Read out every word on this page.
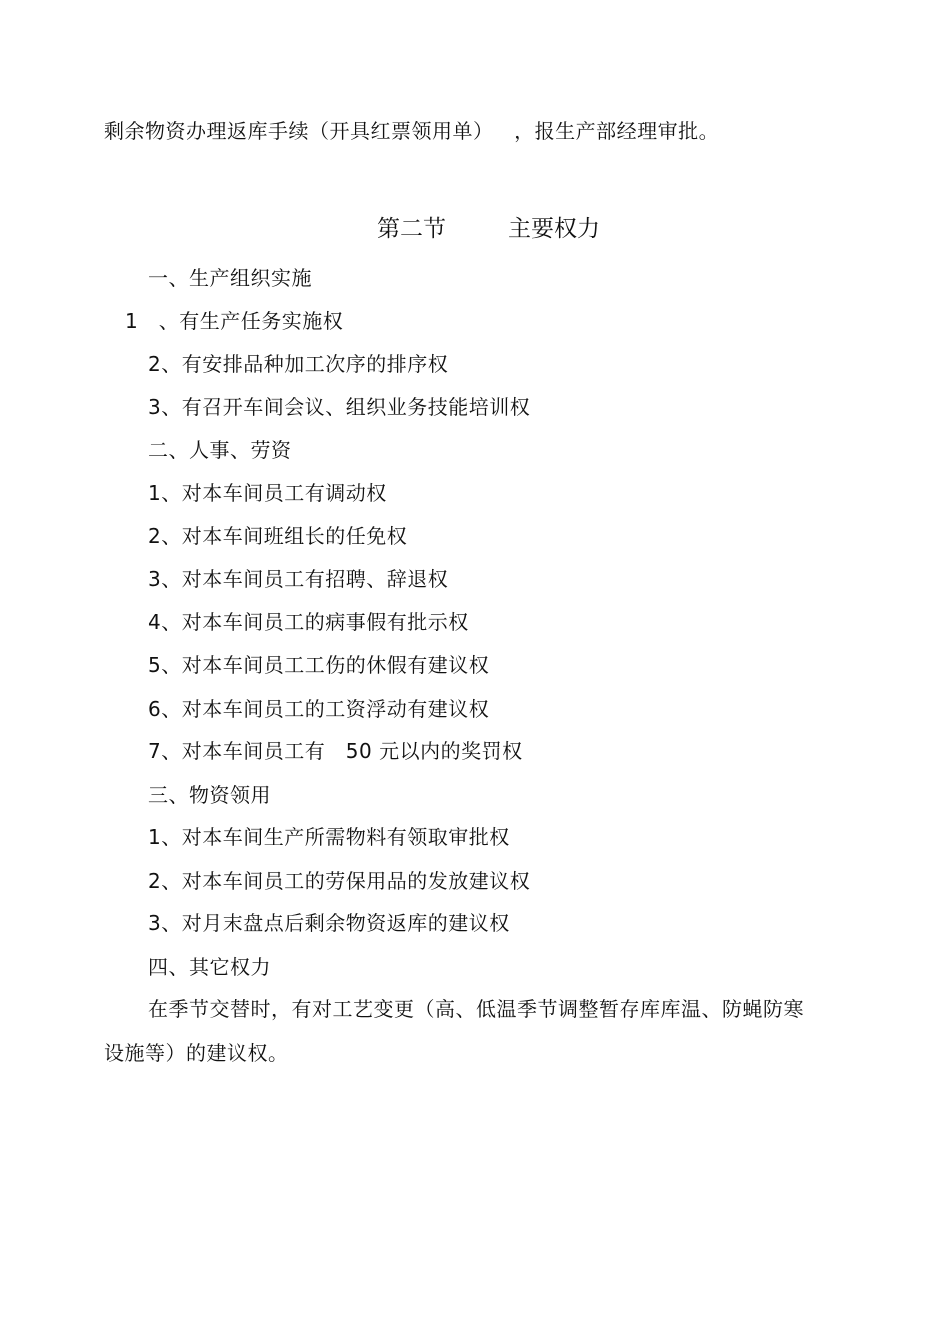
剩余物资办理返库手续（开具红票领用单）   ，报生产部经理审批。
第二节	主要权力
一、生产组织实施
1   、有生产任务实施权
2、有安排品种加工次序的排序权
3、有召开车间会议、组织业务技能培训权
二、人事、劳资
1、对本车间员工有调动权
2、对本车间班组长的任免权
3、对本车间员工有招聘、辞退权
4、对本车间员工的病事假有批示权
5、对本车间员工工伤的休假有建议权
6、对本车间员工的工资浮动有建议权
7、对本车间员工有   50 元以内的奖罚权
三、物资领用
1、对本车间生产所需物料有领取审批权
2、对本车间员工的劳保用品的发放建议权
3、对月末盘点后剩余物资返库的建议权
四、其它权力
在季节交替时，有对工艺变更（高、低温季节调整暂存库库温、防蝇防寒
设施等）的建议权。
